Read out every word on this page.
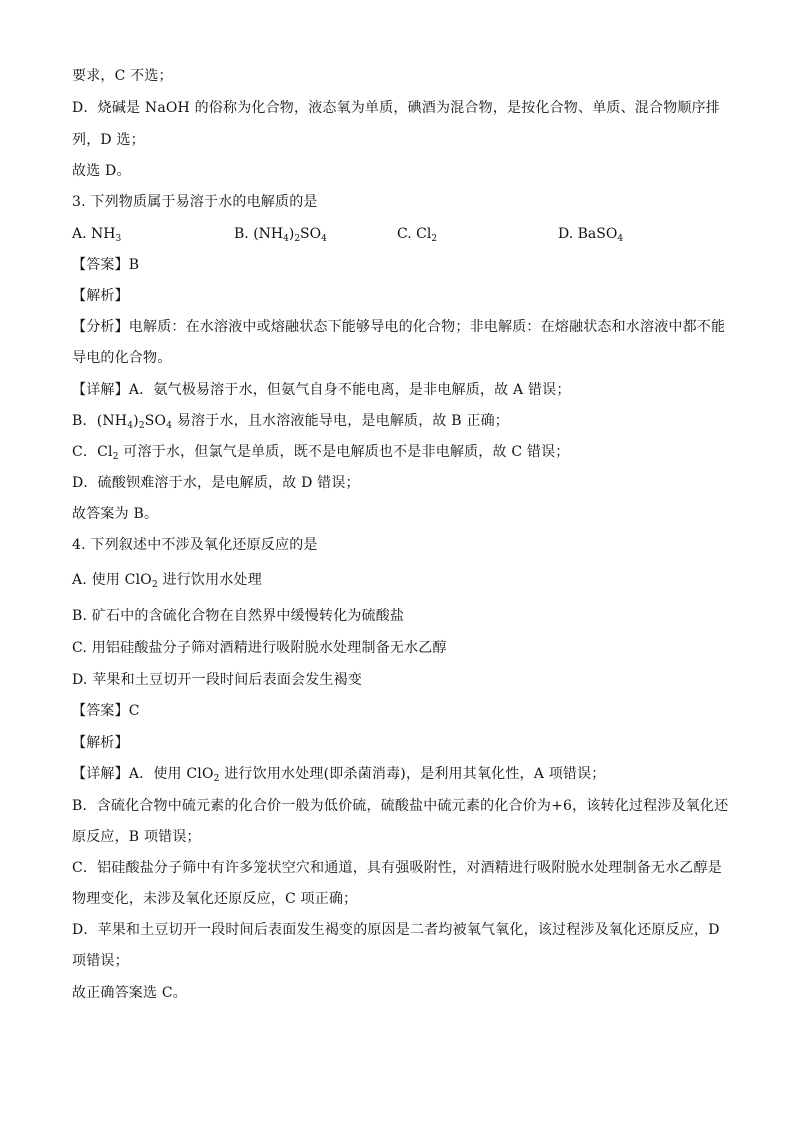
要求，C 不选；
D．烧碱是 NaOH 的俗称为化合物，液态氧为单质，碘酒为混合物，是按化合物、单质、混合物顺序排
列，D 选；
故选 D。
3. 下列物质属于易溶于水的电解质的是
A. $NH_3$	B. $(NH_4)_2SO_4$	C. $Cl_2$	D. BaSO$_4$
【答案】B
【解析】
【分析】电解质：在水溶液中或熔融状态下能够导电的化合物；非电解质：在熔融状态和水溶液中都不能
导电的化合物。
【详解】A．氨气极易溶于水，但氨气自身不能电离，是非电解质，故 A 错误；
B．$(NH_4)_2SO_4$ 易溶于水，且水溶液能导电，是电解质，故 B 正确；
C．$Cl_2$ 可溶于水，但氯气是单质，既不是电解质也不是非电解质，故 C 错误；
D．硫酸钡难溶于水，是电解质，故 D 错误；
故答案为 B。
4. 下列叙述中不涉及氧化还原反应的是
A. 使用 ClO$_2$ 进行饮用水处理
B. 矿石中的含硫化合物在自然界中缓慢转化为硫酸盐
C. 用铝硅酸盐分子筛对酒精进行吸附脱水处理制备无水乙醇
D. 苹果和土豆切开一段时间后表面会发生褐变
【答案】C
【解析】
【详解】A．使用 ClO$_2$ 进行饮用水处理(即杀菌消毒)，是利用其氧化性，A 项错误；
B．含硫化合物中硫元素的化合价一般为低价硫，硫酸盐中硫元素的化合价为+6，该转化过程涉及氧化还
原反应，B 项错误；
C．铝硅酸盐分子筛中有许多笼状空穴和通道，具有强吸附性，对酒精进行吸附脱水处理制备无水乙醇是
物理变化，未涉及氧化还原反应，C 项正确；
D．苹果和土豆切开一段时间后表面发生褐变的原因是二者均被氧气氧化，该过程涉及氧化还原反应，D
项错误；
故正确答案选 C。
